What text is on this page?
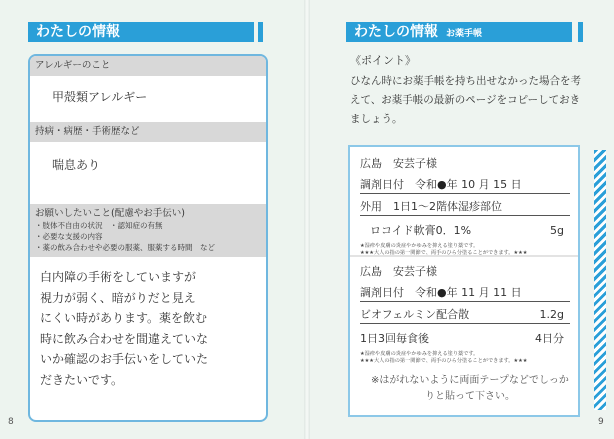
わたしの情報
アレルギーのこと
甲殻類アレルギー
持病・病歴・手術歴など
喘息あり
お願いしたいこと(配慮やお手伝い)
・肢体不自由の状況　・認知症の有無
・必要な支援の内容
・薬の飲み合わせや必要の服薬、服薬する時間　など
白内障の手術をしていますが
視力が弱く、暗がりだと見え
にくい時があります。薬を飲む
時に飲み合わせを間違えていな
いか確認のお手伝いをしていた
だきたいです。
8
わたしの情報 お薬手帳
《ポイント》
ひなん時にお薬手帳を持ち出せなかった場合を考えて、お薬手帳の最新のページをコピーしておきましょう。
広島　安芸子様
調剤日付　令和●年 10 月 15 日
外用　1日1～2階体湿疹部位
ロコイド軟膏0．1%	5g
★湿疹や皮膚の炎症やかゆみを抑える塗り薬です。
★★★大人の指の第一関節で、両手のひら分塗ることができます。★★★
広島　安芸子様
調剤日付　令和●年 11 月 11 日
ビオフェルミン配合散	1.2g
1日3回毎食後	4日分
★湿疹や皮膚の炎症やかゆみを抑える塗り薬です。
★★★大人の指の第一関節で、両手のひら分塗ることができます。★★★
※はがれないように両面テープなどでしっかりと貼って下さい。
9
